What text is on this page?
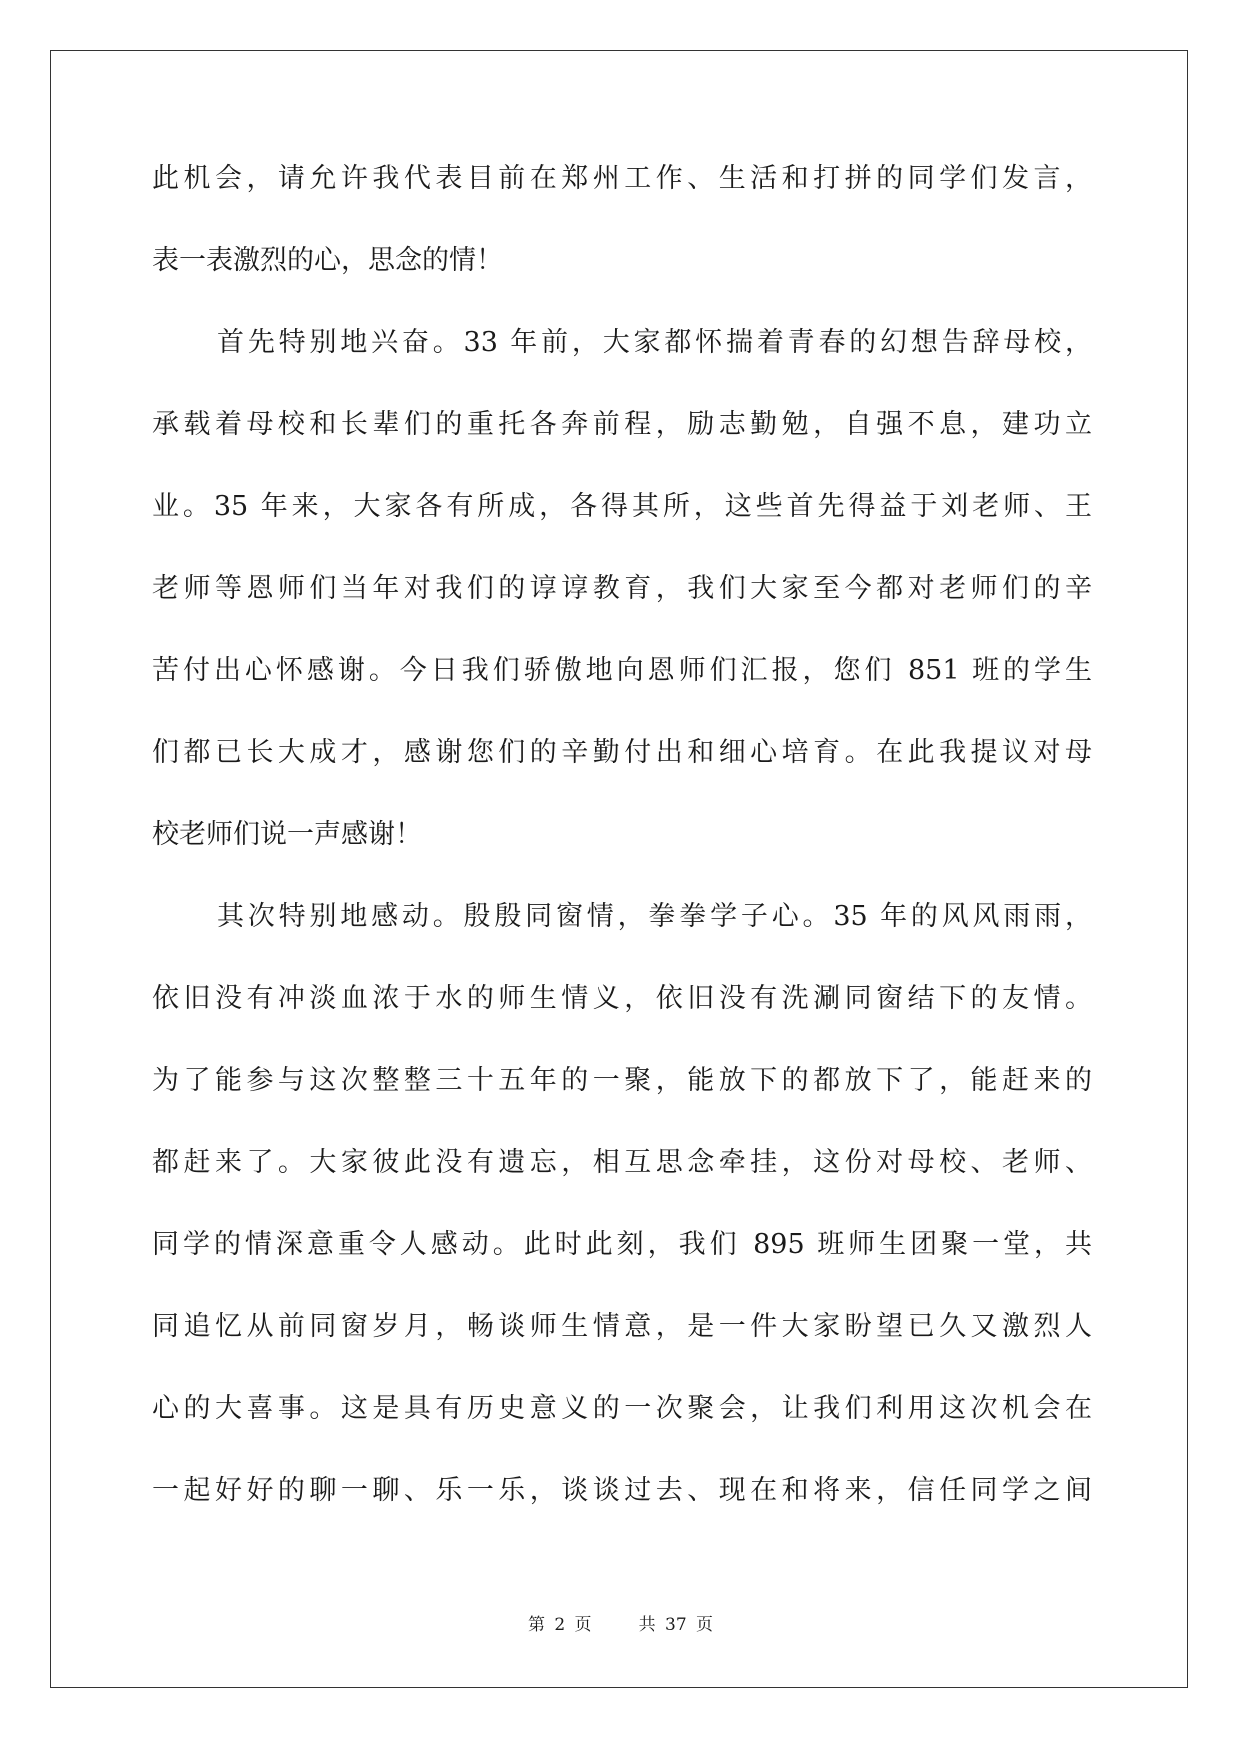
此机会，请允许我代表目前在郑州工作、生活和打拼的同学们发言，
表一表激烈的心，思念的情！
首先特别地兴奋。33 年前，大家都怀揣着青春的幻想告辞母校，
承载着母校和长辈们的重托各奔前程，励志勤勉，自强不息，建功立
业。35 年来，大家各有所成，各得其所，这些首先得益于刘老师、王
老师等恩师们当年对我们的谆谆教育，我们大家至今都对老师们的辛
苦付出心怀感谢。今日我们骄傲地向恩师们汇报，您们 851 班的学生
们都已长大成才，感谢您们的辛勤付出和细心培育。在此我提议对母
校老师们说一声感谢！
其次特别地感动。殷殷同窗情，拳拳学子心。35 年的风风雨雨，
依旧没有冲淡血浓于水的师生情义，依旧没有洗涮同窗结下的友情。
为了能参与这次整整三十五年的一聚，能放下的都放下了，能赶来的
都赶来了。大家彼此没有遗忘，相互思念牵挂，这份对母校、老师、
同学的情深意重令人感动。此时此刻，我们 895 班师生团聚一堂，共
同追忆从前同窗岁月，畅谈师生情意，是一件大家盼望已久又激烈人
心的大喜事。这是具有历史意义的一次聚会，让我们利用这次机会在
一起好好的聊一聊、乐一乐，谈谈过去、现在和将来，信任同学之间
第 2 页	共 37 页
